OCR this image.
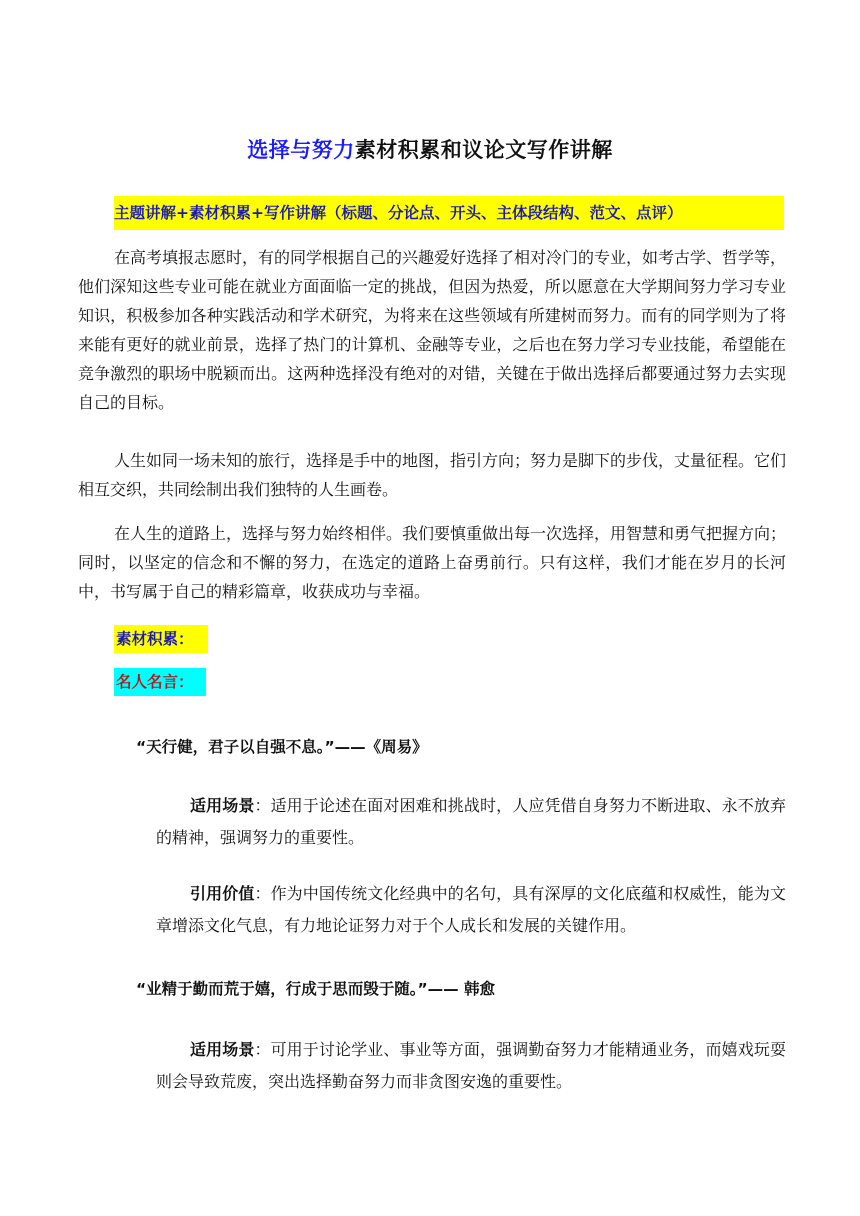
选择与努力素材积累和议论文写作讲解
主题讲解+素材积累+写作讲解（标题、分论点、开头、主体段结构、范文、点评）

在高考填报志愿时，有的同学根据自己的兴趣爱好选择了相对冷门的专业，如考古学、哲学等，他们深知这些专业可能在就业方面面临一定的挑战，但因为热爱，所以愿意在大学期间努力学习专业知识，积极参加各种实践活动和学术研究，为将来在这些领域有所建树而努力。而有的同学则为了将来能有更好的就业前景，选择了热门的计算机、金融等专业，之后也在努力学习专业技能，希望能在竞争激烈的职场中脱颖而出。这两种选择没有绝对的对错，关键在于做出选择后都要通过努力去实现自己的目标。

人生如同一场未知的旅行，选择是手中的地图，指引方向；努力是脚下的步伐，丈量征程。它们相互交织，共同绘制出我们独特的人生画卷。

在人生的道路上，选择与努力始终相伴。我们要慎重做出每一次选择，用智慧和勇气把握方向；同时，以坚定的信念和不懈的努力，在选定的道路上奋勇前行。只有这样，我们才能在岁月的长河中，书写属于自己的精彩篇章，收获成功与幸福。

素材积累：
名人名言：
“天行健，君子以自强不息。”——《周易》

适用场景：适用于论述在面对困难和挑战时，人应凭借自身努力不断进取、永不放弃的精神，强调努力的重要性。

引用价值：作为中国传统文化经典中的名句，具有深厚的文化底蕴和权威性，能为文章增添文化气息，有力地论证努力对于个人成长和发展的关键作用。

“业精于勤而荒于嬉，行成于思而毁于随。”—— 韩愈

适用场景：可用于讨论学业、事业等方面，强调勤奋努力才能精通业务，而嬉戏玩耍则会导致荒废，突出选择勤奋努力而非贪图安逸的重要性。
